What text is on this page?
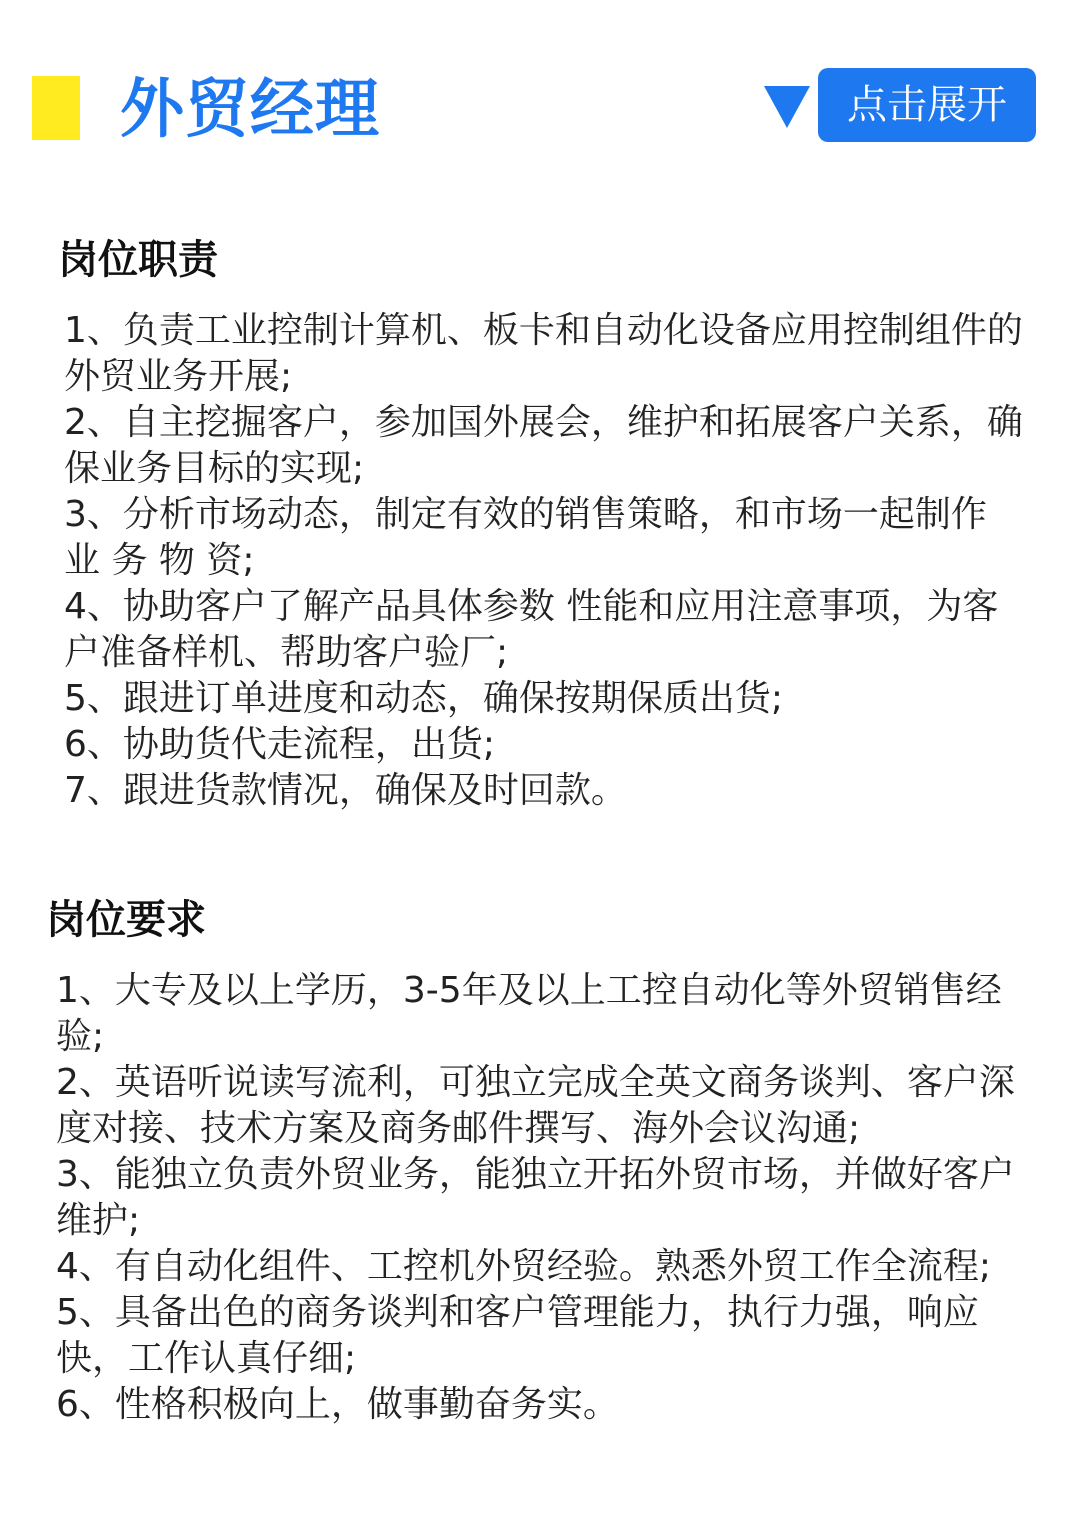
外贸经理	点击展开
岗位职责
1、负责工业控制计算机、板卡和自动化设备应用控制组件的外贸业务开展;
2、自主挖掘客户，参加国外展会，维护和拓展客户关系，确保业务目标的实现;
3、分析市场动态，制定有效的销售策略，和市场一起制作 业 务 物 资;
4、协助客户了解产品具体参数 性能和应用注意事项，为客户准备样机、帮助客户验厂;
5、跟进订单进度和动态，确保按期保质出货;
6、协助货代走流程，出货;
7、跟进货款情况，确保及时回款。
岗位要求
1、大专及以上学历，3-5年及以上工控自动化等外贸销售经验;
2、英语听说读写流利，可独立完成全英文商务谈判、客户深度对接、技术方案及商务邮件撰写、海外会议沟通;
3、能独立负责外贸业务，能独立开拓外贸市场，并做好客户维护;
4、有自动化组件、工控机外贸经验。熟悉外贸工作全流程;
5、具备出色的商务谈判和客户管理能力，执行力强，响应快，工作认真仔细;
6、性格积极向上，做事勤奋务实。
